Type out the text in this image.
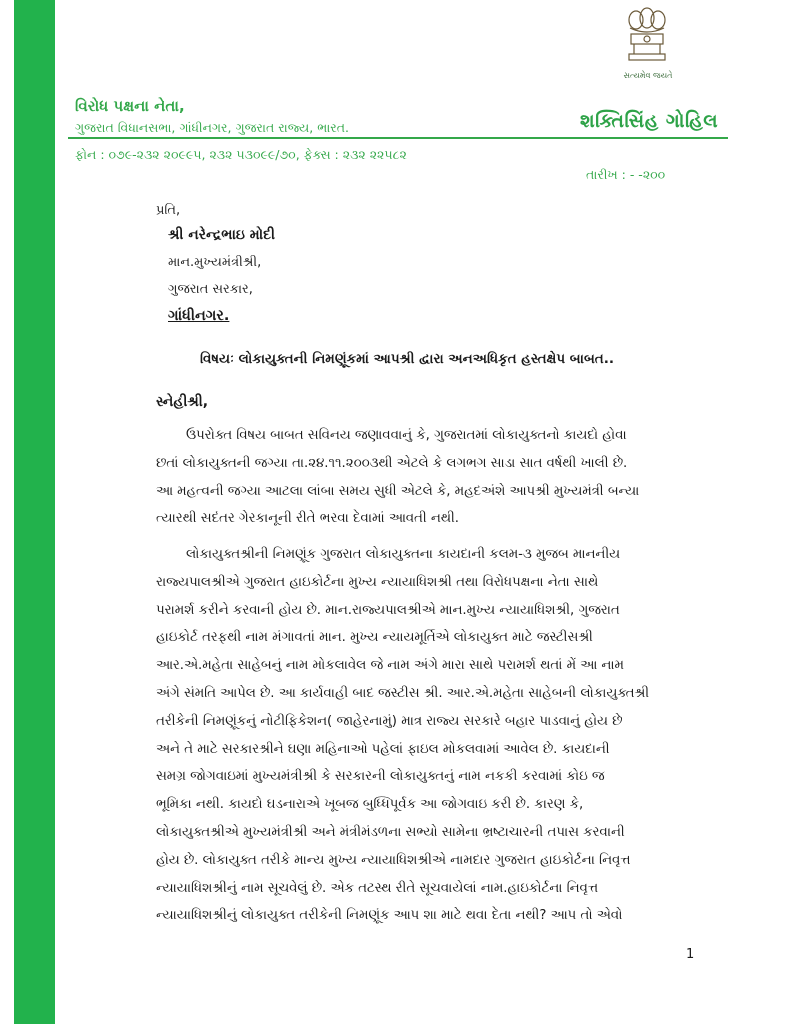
સત્યમેવ જયતે
વિરોધ પક્ષના નેતા,
ગુજરાત વિધાનસભા, ગાંધીનગર, ગુજરાત રાજ્ય, ભારત.	શક્તિસિંહ ગોહિલ
ફોન : ૦૭૯-૨૩૨ ૨૦૯૯૫, ૨૩૨ ૫૩૦૯૯/૭૦, ફેક્સ : ૨૩૨ ૨૨૫૮૨
તારીખ : - -૨૦૦
પ્રતિ,
શ્રી નરેન્દ્રભાઇ મોદી
માન.મુખ્યમંત્રીશ્રી,
ગુજરાત સરકાર,
ગાંધીનગર.
વિષયઃ લોકાયુક્તની નિમણૂંકમાં આપશ્રી દ્વારા અનઅધિકૃત હસ્તક્ષેપ બાબત..
સ્નેહીશ્રી,
ઉપરોક્ત વિષય બાબત સવિનય જણાવવાનું કે, ગુજરાતમાં લોકાયુક્તનો કાયદો હોવા
છતાં લોકાયુક્તની જગ્યા તા.૨૪.૧૧.૨૦૦૩થી એટલે કે લગભગ સાડા સાત વર્ષથી ખાલી છે.
આ મહત્વની જગ્યા આટલા લાંબા સમય સુધી એટલે કે, મહદઅંશે આપશ્રી મુખ્યમંત્રી બન્યા
ત્યારથી સદંતર ગેરકાનૂની રીતે ભરવા દેવામાં આવતી નથી.
લોકાયુક્તશ્રીની નિમણૂંક ગુજરાત લોકાયુક્તના કાયદાની કલમ-૩ મુજબ માનનીય
રાજ્યપાલશ્રીએ ગુજરાત હાઇકોર્ટના મુખ્ય ન્યાયાધિશશ્રી તથા વિરોધપક્ષના નેતા સાથે
પરામર્શ કરીને કરવાની હોય છે. માન.રાજ્યપાલશ્રીએ માન.મુખ્ય ન્યાયાધિશશ્રી, ગુજરાત
હાઇકોર્ટ તરફથી નામ મંગાવતાં માન. મુખ્ય ન્યાયમૂર્તિએ લોકાયુક્ત માટે જસ્ટીસશ્રી
આર.એ.મહેતા સાહેબનું નામ મોકલાવેલ જે નામ અંગે મારા સાથે પરામર્શ થતાં મેં આ નામ
અંગે સંમતિ આપેલ છે. આ કાર્યવાહી બાદ જસ્ટીસ શ્રી. આર.એ.મહેતા સાહેબની લોકાયુક્તશ્રી
તરીકેની નિમણૂંકનું નોટીફિકેશન( જાહેરનામું) માત્ર રાજ્ય સરકારે બહાર પાડવાનું હોય છે
અને તે માટે સરકારશ્રીને ઘણા મહિનાઓ પહેલાં ફાઇલ મોકલવામાં આવેલ છે. કાયદાની
સમગ્ર જોગવાઇમાં મુખ્યમંત્રીશ્રી કે સરકારની લોકાયુક્તનું નામ નકકી કરવામાં કોઇ જ
ભૂમિકા નથી. કાયદો ઘડનારાએ ખૂબજ બુધ્ધિપૂર્વક આ જોગવાઇ કરી છે. કારણ કે,
લોકાયુક્તશ્રીએ મુખ્યમંત્રીશ્રી અને મંત્રીમંડળના સભ્યો સામેના ભ્રષ્ટાચારની તપાસ કરવાની
હોય છે. લોકાયુક્ત તરીકે માન્ય મુખ્ય ન્યાયાધિશશ્રીએ નામદાર ગુજરાત હાઇકોર્ટના નિવૃત્ત
ન્યાયાધિશશ્રીનું નામ સૂચવેલું છે. એક તટસ્થ રીતે સૂચવાયેલાં નામ.હાઇકોર્ટના નિવૃત્ત
ન્યાયાધિશશ્રીનું લોકાયુક્ત તરીકેની નિમણૂંક આપ શા માટે થવા દેતા નથી? આપ તો એવો
1
